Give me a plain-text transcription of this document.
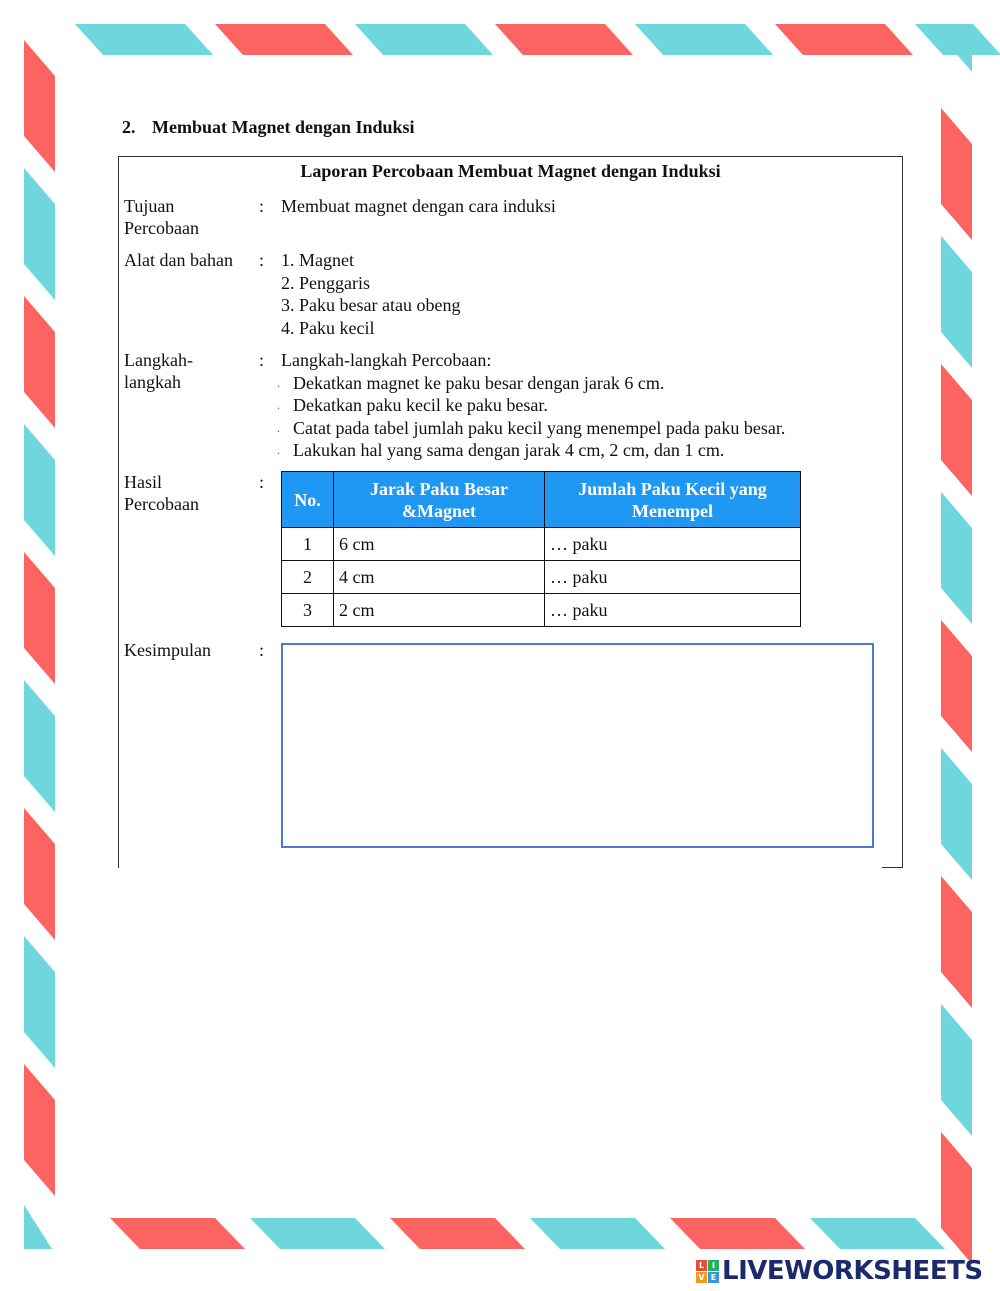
2. Membuat Magnet dengan Induksi
Laporan Percobaan Membuat Magnet dengan Induksi
Tujuan
Percobaan
: Membuat magnet dengan cara induksi
Alat dan bahan : 1. Magnet
2. Penggaris
3. Paku besar atau obeng
4. Paku kecil
Langkah-
langkah
: Langkah-langkah Percobaan:
. Dekatkan magnet ke paku besar dengan jarak 6 cm.
. Dekatkan paku kecil ke paku besar.
. Catat pada tabel jumlah paku kecil yang menempel pada paku besar.
. Lakukan hal yang sama dengan jarak 4 cm, 2 cm, dan 1 cm.
Hasil
Percobaan
:
No.	Jarak Paku Besar &Magnet	Jumlah Paku Kecil yang Menempel
1	6 cm	… paku
2	4 cm	… paku
3	2 cm	… paku
Kesimpulan	:
L I
V E LIVEWORKSHEETS
